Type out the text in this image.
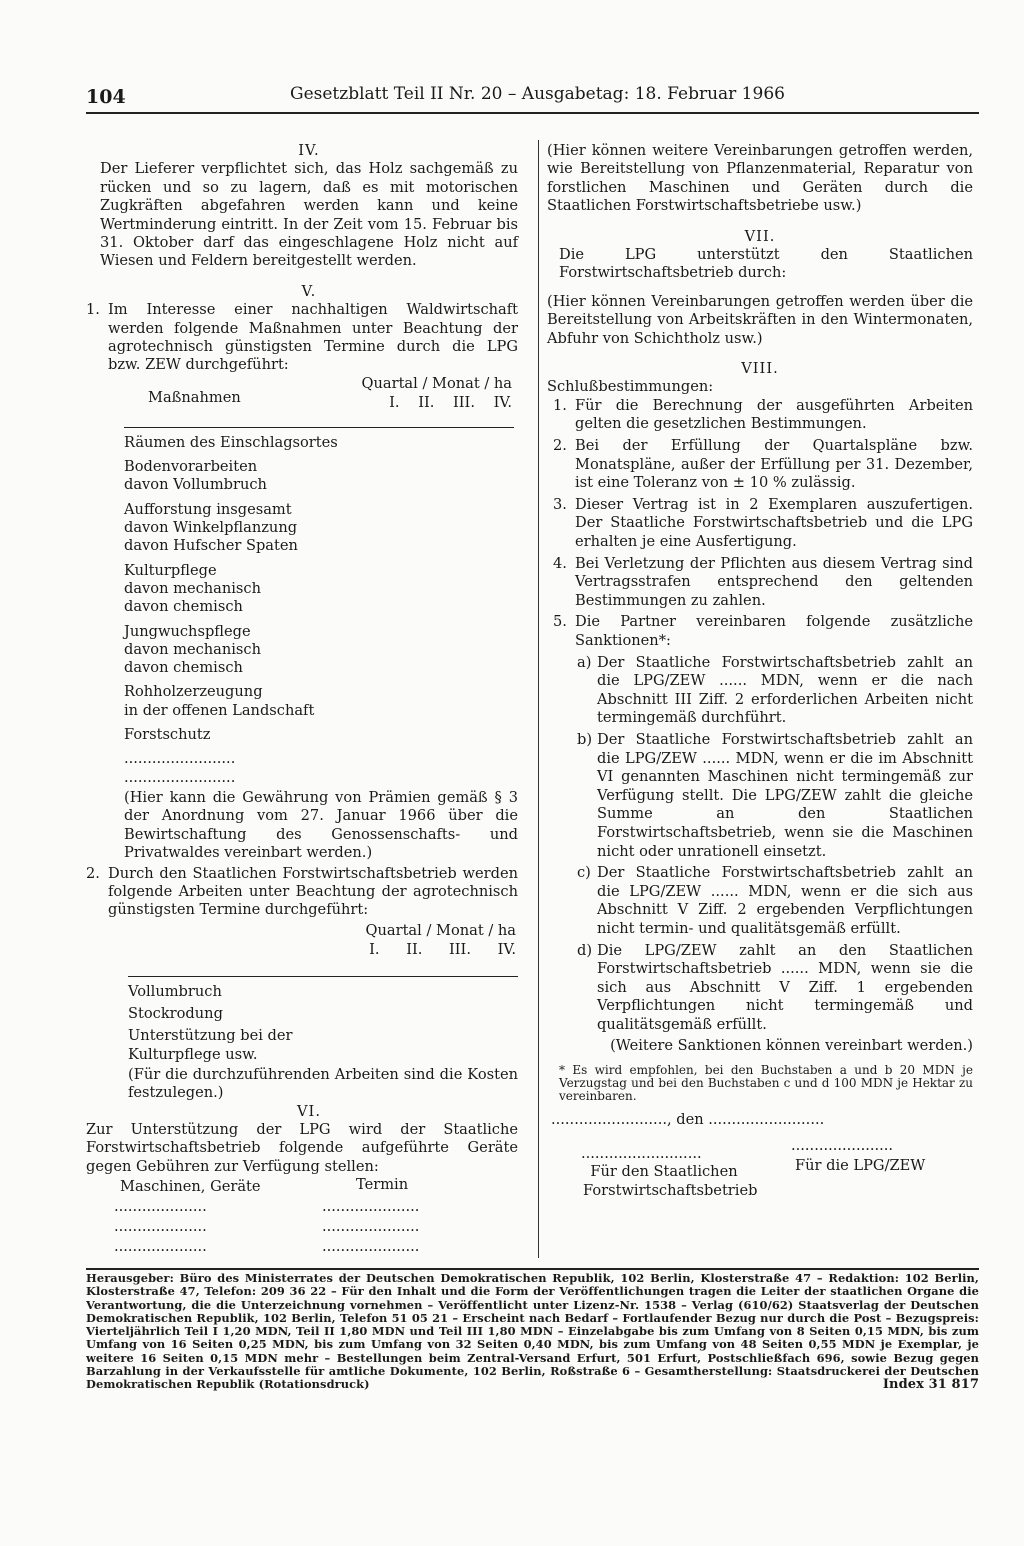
104	Gesetzblatt Teil II Nr. 20 – Ausgabetag: 18. Februar 1966

IV.

Der Lieferer verpflichtet sich, das Holz sachgemäß zu rücken und so zu lagern, daß es mit motorischen Zugkräften abgefahren werden kann und keine Wertminderung eintritt. In der Zeit vom 15. Februar bis 31. Oktober darf das eingeschlagene Holz nicht auf Wiesen und Feldern bereitgestellt werden.

V.

1. Im Interesse einer nachhaltigen Waldwirtschaft werden folgende Maßnahmen unter Beachtung der agrotechnisch günstigsten Termine durch die LPG bzw. ZEW durchgeführt:
Maßnahmen
Quartal / Monat / ha
I. II. III. IV.

Räumen des Einschlagsortes

Bodenvorarbeiten

davon Vollumbruch

Aufforstung insgesamt

davon Winkelpflanzung

davon Hufscher Spaten

Kulturpflege

davon mechanisch

davon chemisch

Jungwuchspflege

davon mechanisch

davon chemisch

Rohholzerzeugung

in der offenen Landschaft

Forstschutz

........................

........................

(Hier kann die Gewährung von Prämien gemäß § 3 der Anordnung vom 27. Januar 1966 über die Bewirtschaftung des Genossenschafts- und Privatwaldes vereinbart werden.)

2. Durch den Staatlichen Forstwirtschaftsbetrieb werden folgende Arbeiten unter Beachtung der agrotechnisch günstigsten Termine durchgeführt:
Quartal / Monat / ha
I. II. III. IV.

Vollumbruch

Stockrodung

Unterstützung bei der

Kulturpflege usw.

(Für die durchzuführenden Arbeiten sind die Kosten festzulegen.)

VI.

Zur Unterstützung der LPG wird der Staatliche Forstwirtschaftsbetrieb folgende aufgeführte Geräte gegen Gebühren zur Verfügung stellen:

Maschinen, Geräte	Termin
....................	.....................
....................	.....................
....................	.....................

(Hier können weitere Vereinbarungen getroffen werden, wie Bereitstellung von Pflanzenmaterial, Reparatur von forstlichen Maschinen und Geräten durch die Staatlichen Forstwirtschaftsbetriebe usw.)

VII.

Die LPG unterstützt den Staatlichen Forstwirtschaftsbetrieb durch:

(Hier können Vereinbarungen getroffen werden über die Bereitstellung von Arbeitskräften in den Wintermonaten, Abfuhr von Schichtholz usw.)

VIII.

Schlußbestimmungen:

1. Für die Berechnung der ausgeführten Arbeiten gelten die gesetzlichen Bestimmungen.
2. Bei der Erfüllung der Quartalspläne bzw. Monatspläne, außer der Erfüllung per 31. Dezember, ist eine Toleranz von ± 10 % zulässig.
3. Dieser Vertrag ist in 2 Exemplaren auszufertigen. Der Staatliche Forstwirtschaftsbetrieb und die LPG erhalten je eine Ausfertigung.
4. Bei Verletzung der Pflichten aus diesem Vertrag sind Vertragsstrafen entsprechend den geltenden Bestimmungen zu zahlen.
5. Die Partner vereinbaren folgende zusätzliche Sanktionen*:
a) Der Staatliche Forstwirtschaftsbetrieb zahlt an die LPG/ZEW ...... MDN, wenn er die nach Abschnitt III Ziff. 2 erforderlichen Arbeiten nicht termingemäß durchführt.
b) Der Staatliche Forstwirtschaftsbetrieb zahlt an die LPG/ZEW ...... MDN, wenn er die im Abschnitt VI genannten Maschinen nicht termingemäß zur Verfügung stellt. Die LPG/ZEW zahlt die gleiche Summe an den Staatlichen Forstwirtschaftsbetrieb, wenn sie die Maschinen nicht oder unrationell einsetzt.
c) Der Staatliche Forstwirtschaftsbetrieb zahlt an die LPG/ZEW ...... MDN, wenn er die sich aus Abschnitt V Ziff. 2 ergebenden Verpflichtungen nicht termin- und qualitätsgemäß erfüllt.
d) Die LPG/ZEW zahlt an den Staatlichen Forstwirtschaftsbetrieb ...... MDN, wenn sie die sich aus Abschnitt V Ziff. 1 ergebenden Verpflichtungen nicht termingemäß und qualitätsgemäß erfüllt.

(Weitere Sanktionen können vereinbart werden.)

* Es wird empfohlen, bei den Buchstaben a und b 20 MDN je Verzugstag und bei den Buchstaben c und d 100 MDN je Hektar zu vereinbaren.

........................., den .........................

..........................	......................
Für den Staatlichen Forstwirtschaftsbetrieb
Für die LPG/ZEW
Herausgeber: Büro des Ministerrates der Deutschen Demokratischen Republik, 102 Berlin, Klosterstraße 47 – Redaktion: 102 Berlin, Klosterstraße 47, Telefon: 209 36 22 – Für den Inhalt und die Form der Veröffentlichungen tragen die Leiter der staatlichen Organe die Verantwortung, die die Unterzeichnung vornehmen – Veröffentlicht unter Lizenz-Nr. 1538 – Verlag (610/62) Staatsverlag der Deutschen Demokratischen Republik, 102 Berlin, Telefon 51 05 21 – Erscheint nach Bedarf – Fortlaufender Bezug nur durch die Post – Bezugspreis: Vierteljährlich Teil I 1,20 MDN, Teil II 1,80 MDN und Teil III 1,80 MDN – Einzelabgabe bis zum Umfang von 8 Seiten 0,15 MDN, bis zum Umfang von 16 Seiten 0,25 MDN, bis zum Umfang von 32 Seiten 0,40 MDN, bis zum Umfang von 48 Seiten 0,55 MDN je Exemplar, je weitere 16 Seiten 0,15 MDN mehr – Bestellungen beim Zentral-Versand Erfurt, 501 Erfurt, Postschließfach 696, sowie Bezug gegen Barzahlung in der Verkaufsstelle für amtliche Dokumente, 102 Berlin, Roßstraße 6 – Gesamtherstellung: Staatsdruckerei der Deutschen Demokratischen Republik (Rotationsdruck)	Index 31 817
